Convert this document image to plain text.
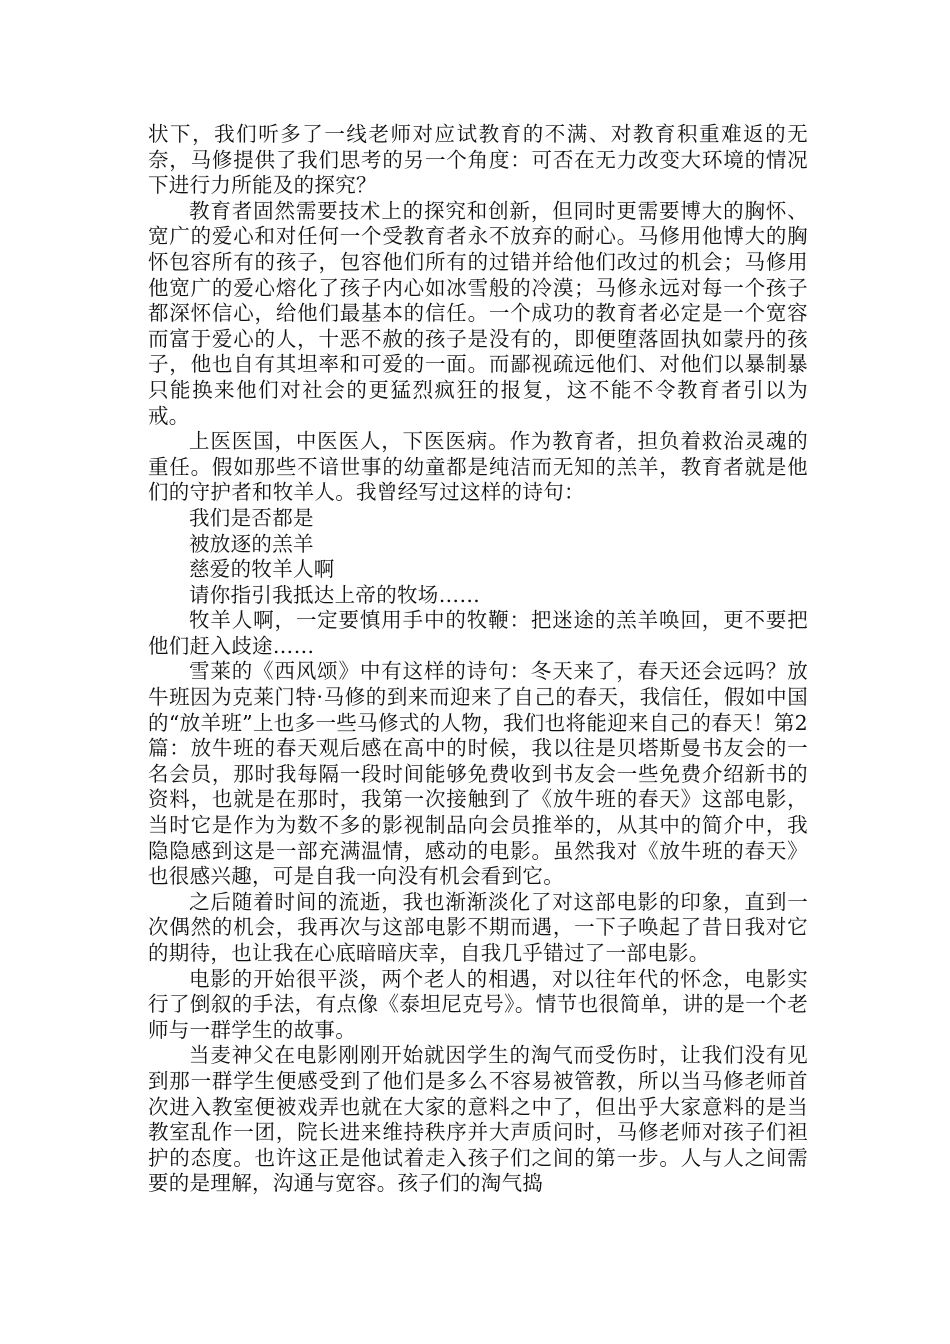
状下，我们听多了一线老师对应试教育的不满、对教育积重难返的无奈，马修提供了我们思考的另一个角度：可否在无力改变大环境的情况下进行力所能及的探究？

教育者固然需要技术上的探究和创新，但同时更需要博大的胸怀、宽广的爱心和对任何一个受教育者永不放弃的耐心。马修用他博大的胸怀包容所有的孩子，包容他们所有的过错并给他们改过的机会；马修用他宽广的爱心熔化了孩子内心如冰雪般的冷漠；马修永远对每一个孩子都深怀信心，给他们最基本的信任。一个成功的教育者必定是一个宽容而富于爱心的人，十恶不赦的孩子是没有的，即便堕落固执如蒙丹的孩子，他也自有其坦率和可爱的一面。而鄙视疏远他们、对他们以暴制暴只能换来他们对社会的更猛烈疯狂的报复，这不能不令教育者引以为戒。

上医医国，中医医人，下医医病。作为教育者，担负着救治灵魂的重任。假如那些不谙世事的幼童都是纯洁而无知的羔羊，教育者就是他们的守护者和牧羊人。我曾经写过这样的诗句：

我们是否都是

被放逐的羔羊

慈爱的牧羊人啊

请你指引我抵达上帝的牧场……

牧羊人啊，一定要慎用手中的牧鞭：把迷途的羔羊唤回，更不要把他们赶入歧途……

雪莱的《西风颂》中有这样的诗句：冬天来了，春天还会远吗？放牛班因为克莱门特·马修的到来而迎来了自己的春天，我信任，假如中国的“放羊班”上也多一些马修式的人物，我们也将能迎来自己的春天！第2篇：放牛班的春天观后感在高中的时候，我以往是贝塔斯曼书友会的一名会员，那时我每隔一段时间能够免费收到书友会一些免费介绍新书的资料，也就是在那时，我第一次接触到了《放牛班的春天》这部电影，当时它是作为为数不多的影视制品向会员推举的，从其中的简介中，我隐隐感到这是一部充满温情，感动的电影。虽然我对《放牛班的春天》也很感兴趣，可是自我一向没有机会看到它。

之后随着时间的流逝，我也渐渐淡化了对这部电影的印象，直到一次偶然的机会，我再次与这部电影不期而遇，一下子唤起了昔日我对它的期待，也让我在心底暗暗庆幸，自我几乎错过了一部电影。

电影的开始很平淡，两个老人的相遇，对以往年代的怀念，电影实行了倒叙的手法，有点像《泰坦尼克号》。情节也很简单，讲的是一个老师与一群学生的故事。

当麦神父在电影刚刚开始就因学生的淘气而受伤时，让我们没有见到那一群学生便感受到了他们是多么不容易被管教，所以当马修老师首次进入教室便被戏弄也就在大家的意料之中了，但出乎大家意料的是当教室乱作一团，院长进来维持秩序并大声质问时，马修老师对孩子们袒护的态度。也许这正是他试着走入孩子们之间的第一步。人与人之间需要的是理解，沟通与宽容。孩子们的淘气捣
